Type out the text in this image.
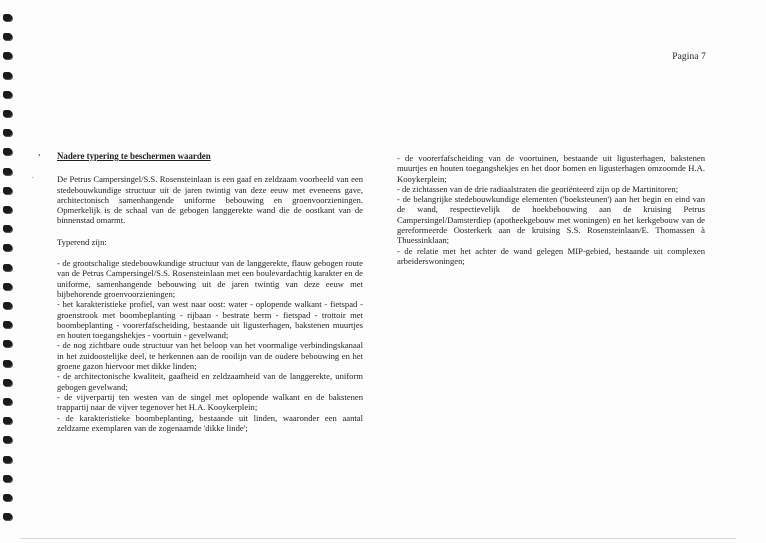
Pagina 7
,
.
Nadere typering te beschermen waarden

De Petrus Campersingel/S.S. Rosensteinlaan is een gaaf en zeldzaam voorbeeld van een stedebouwkundige structuur uit de jaren twintig van deze eeuw met eveneens gave, architectonisch samenhangende uniforme bebouwing en groenvoorzieningen. Opmerkelijk is de schaal van de gebogen langgerekte wand die de oostkant van de binnenstad omarmt.

Typerend zijn:

- de grootschalige stedebouwkundige structuur van de langgerekte, flauw gebogen route van de Petrus Campersingel/S.S. Rosensteinlaan met een boulevardachtig karakter en de uniforme, samenhangende bebouwing uit de jaren twintig van deze eeuw met bijbehorende groenvoorzieningen;
- het karakteristieke profiel, van west naar oost: water - oplopende walkant - fietspad - groenstrook met boombeplanting - rijbaan - bestrate berm - fietspad - trottoir met boombeplanting - voorerfafscheiding, bestaande uit ligusterhagen, bakstenen muurtjes en houten toegangshekjes - voortuin - gevelwand;
- de nog zichtbare oude structuur van het beloop van het voormalige verbindingskanaal in het zuidoostelijke deel, te herkennen aan de rooilijn van de oudere bebouwing en het groene gazon hiervoor met dikke linden;
- de architectonische kwaliteit, gaafheid en zeldzaamheid van de langgerekte, uniform gebogen gevelwand;
- de vijverpartij ten westen van de singel met oplopende walkant en de bakstenen trappartij naar de vijver tegenover het H.A. Kooykerplein;
- de karakteristieke boombeplanting, bestaande uit linden, waaronder een aantal zeldzame exemplaren van de zogenaamde 'dikke linde';
- de voorerfafscheiding van de voortuinen, bestaande uit ligusterhagen, bakstenen muurtjes en houten toegangshekjes en het door bomen en ligusterhagen omzoomde H.A. Kooykerplein;
- de zichtassen van de drie radiaalstraten die georiënteerd zijn op de Martinitoren;
- de belangrijke stedebouwkundige elementen ('boeksteunen') aan het begin en eind van de wand, respectievelijk de hoekbebouwing aan de kruising Petrus Campersingel/Damsterdiep (apotheekgebouw met woningen) en het kerkgebouw van de gereformeerde Oosterkerk aan de kruising S.S. Rosensteinlaan/E. Thomassen à Thuessinklaan;
- de relatie met het achter de wand gelegen MIP-gebied, bestaande uit complexen arbeiderswoningen;
